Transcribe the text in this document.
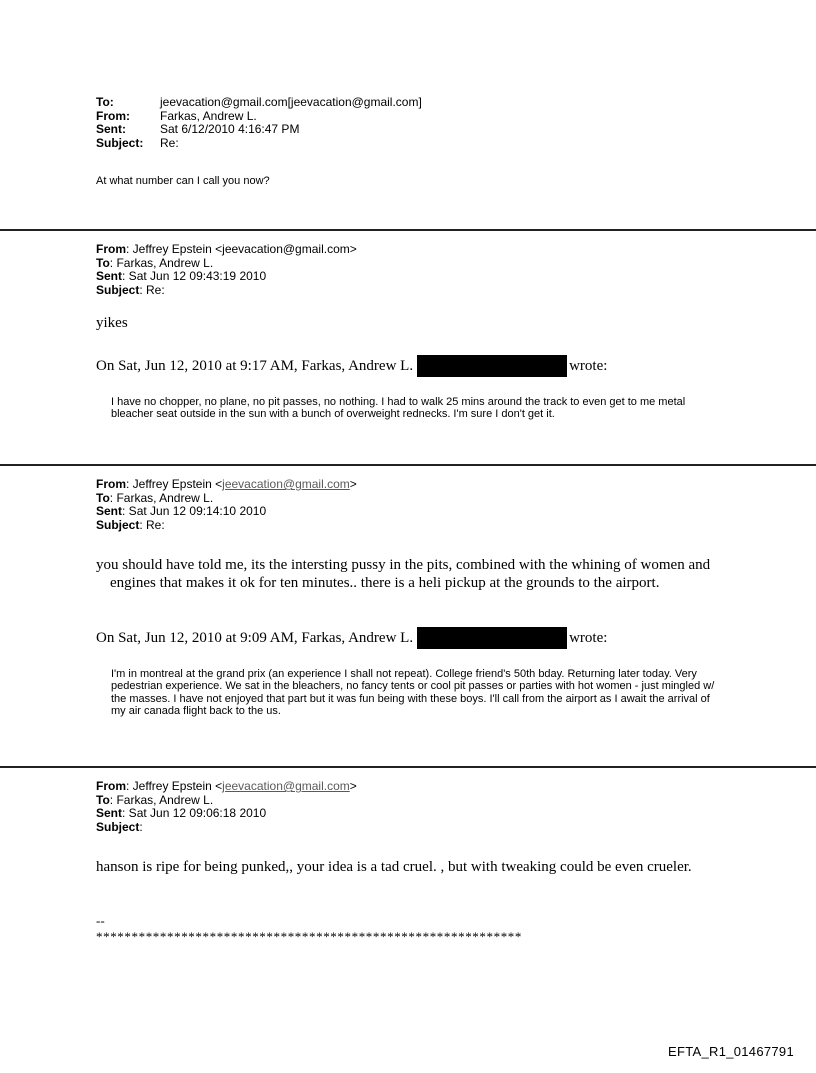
To:	jeevacation@gmail.com[jeevacation@gmail.com]
From:	Farkas, Andrew L.
Sent:	Sat 6/12/2010 4:16:47 PM
Subject:	Re:
At what number can I call you now?
From: Jeffrey Epstein <jeevacation@gmail.com>
To: Farkas, Andrew L.
Sent: Sat Jun 12 09:43:19 2010
Subject: Re:
yikes
On Sat, Jun 12, 2010 at 9:17 AM, Farkas, Andrew L.	wrote:
I have no chopper, no plane, no pit passes, no nothing. I had to walk 25 mins around the track to even get to me metal bleacher seat outside in the sun with a bunch of overweight rednecks. I'm sure I don't get it.
From: Jeffrey Epstein <jeevacation@gmail.com>
To: Farkas, Andrew L.
Sent: Sat Jun 12 09:14:10 2010
Subject: Re:
you should have told me, its the intersting pussy in the pits, combined with the whining of women and engines that makes it ok for ten minutes.. there is a heli pickup at the grounds to the airport.
On Sat, Jun 12, 2010 at 9:09 AM, Farkas, Andrew L.	wrote:
I'm in montreal at the grand prix (an experience I shall not repeat). College friend's 50th bday. Returning later today. Very pedestrian experience. We sat in the bleachers, no fancy tents or cool pit passes or parties with hot women - just mingled w/ the masses. I have not enjoyed that part but it was fun being with these boys. I'll call from the airport as I await the arrival of my air canada flight back to the us.
From: Jeffrey Epstein <jeevacation@gmail.com>
To: Farkas, Andrew L.
Sent: Sat Jun 12 09:06:18 2010
Subject:
hanson is ripe for being punked,, your idea is a tad cruel. , but with tweaking could be even crueler.
--
************************************************************
EFTA_R1_01467791
